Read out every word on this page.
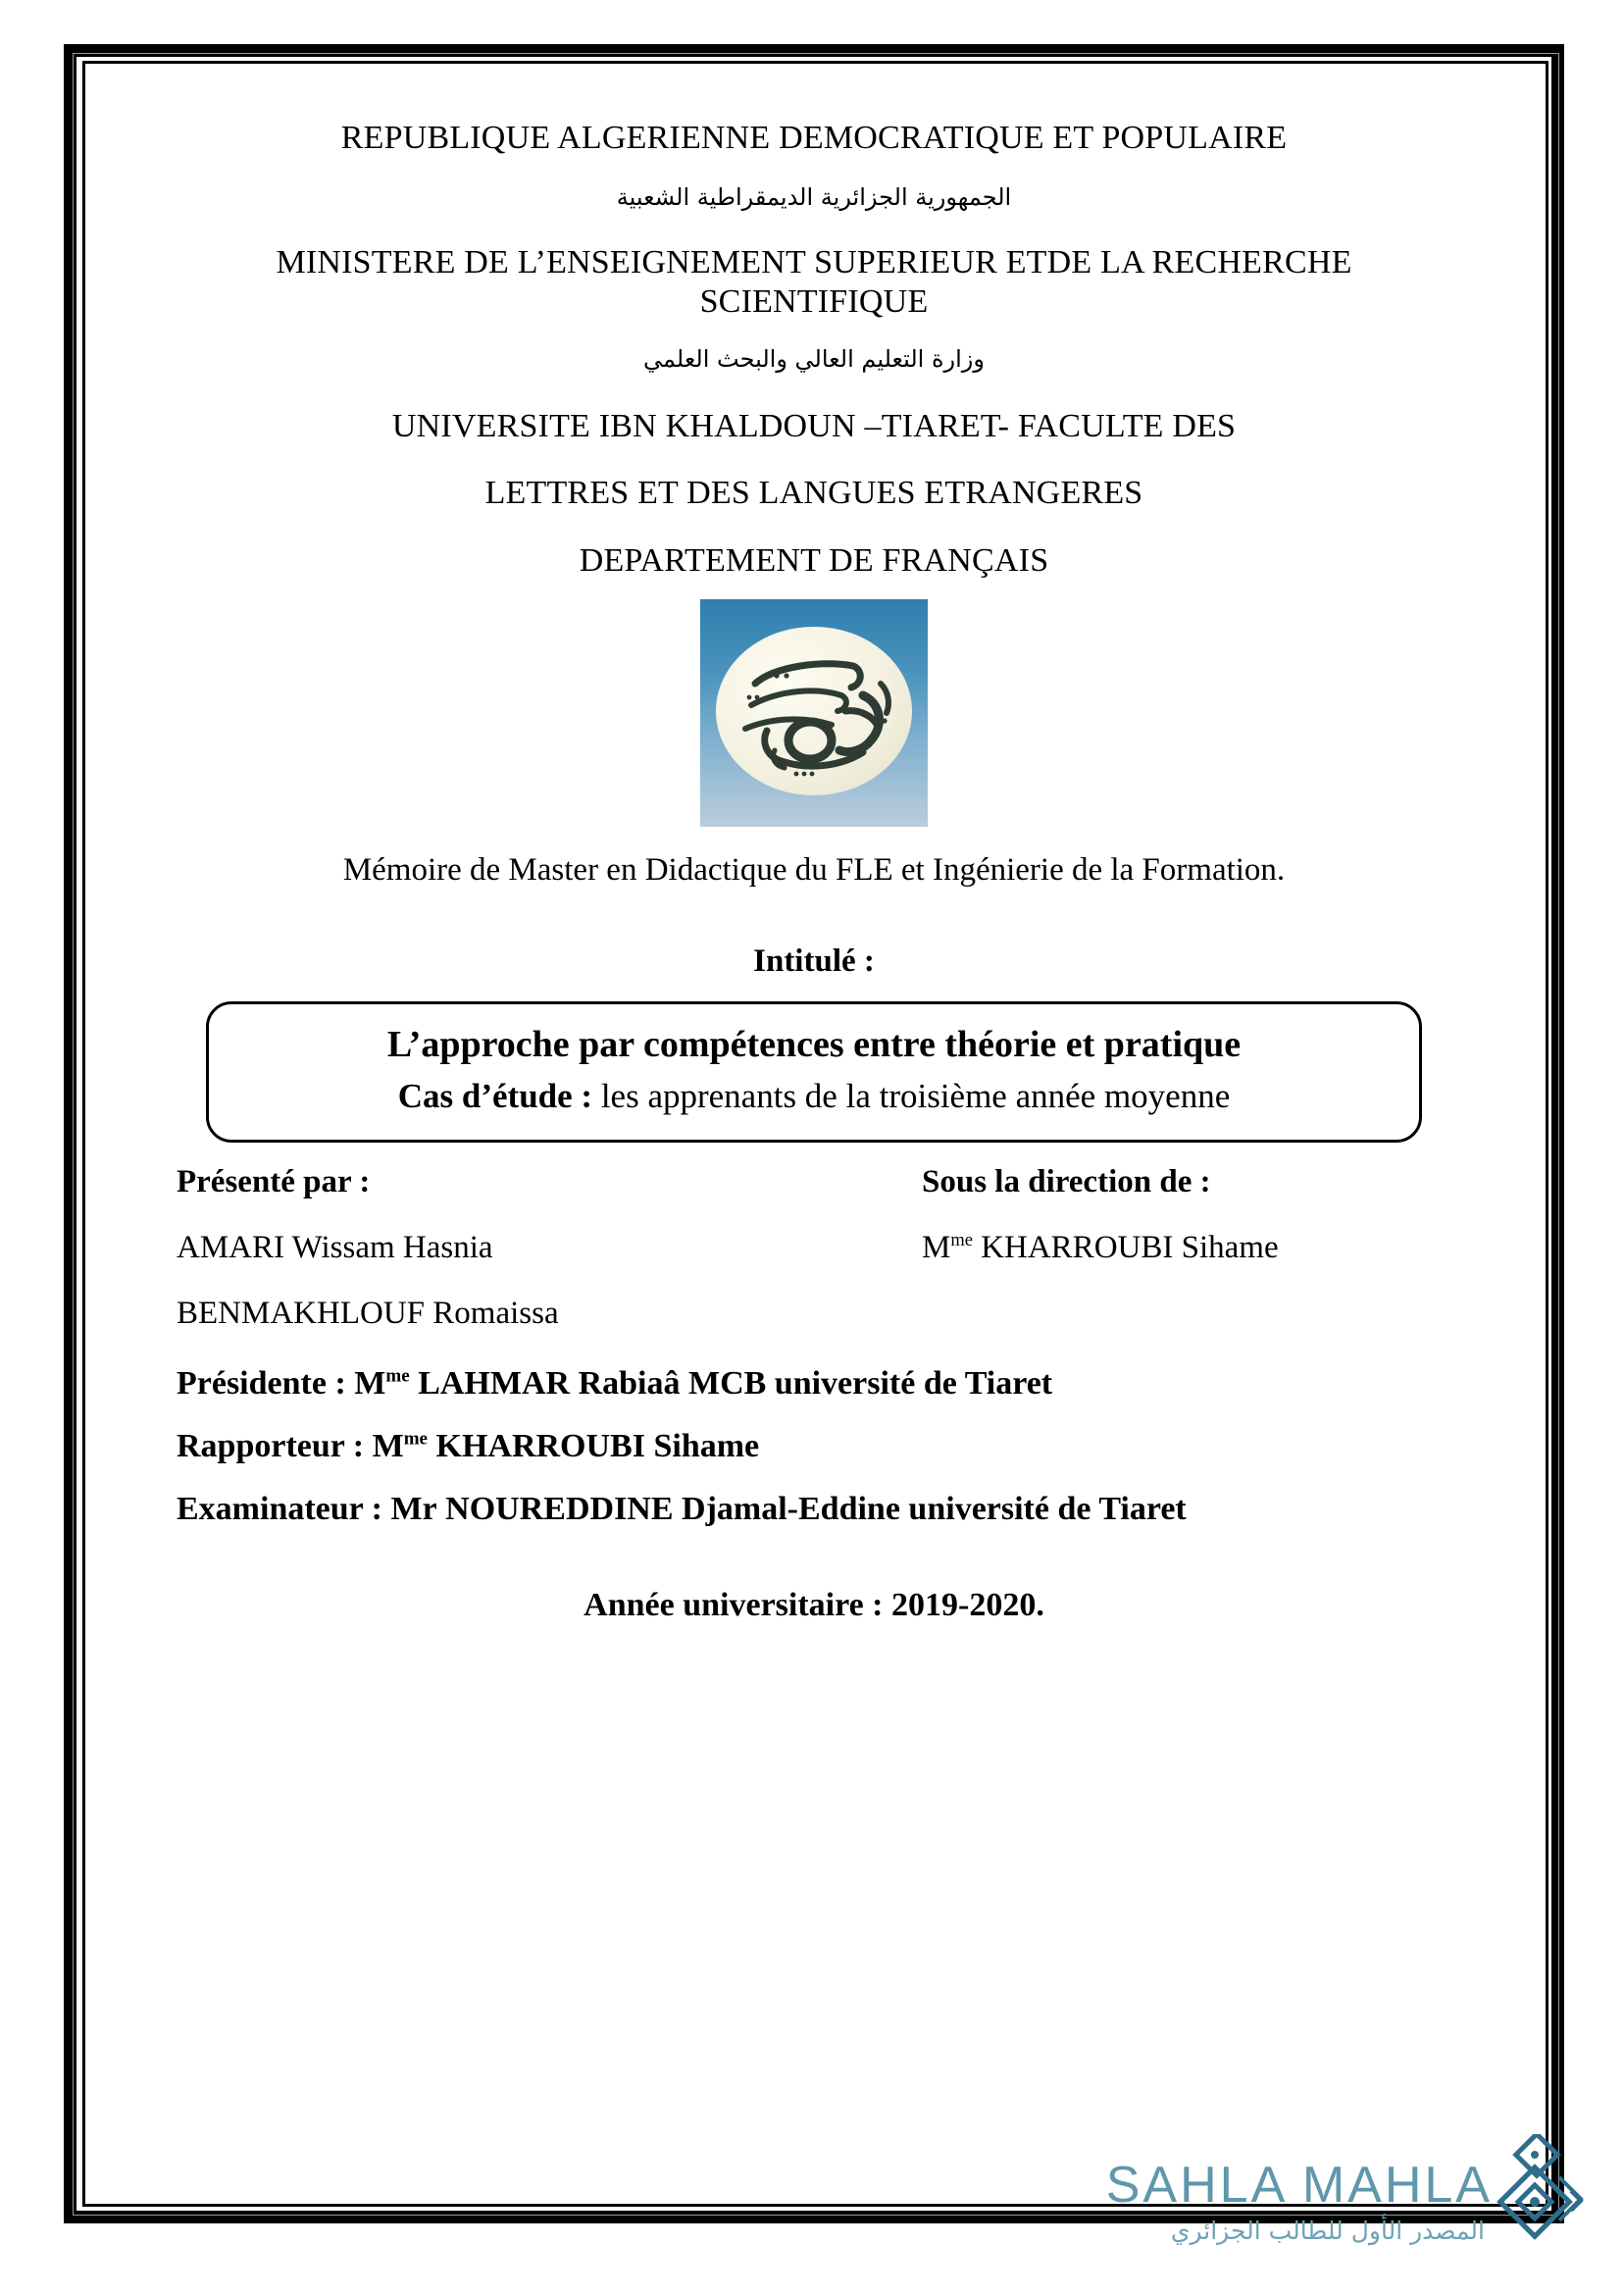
REPUBLIQUE ALGERIENNE DEMOCRATIQUE ET POPULAIRE

الجمهورية الجزائرية الديمقراطية الشعبية

MINISTERE DE L’ENSEIGNEMENT SUPERIEUR ETDE LA RECHERCHE

SCIENTIFIQUE

وزارة التعليم العالي والبحث العلمي

UNIVERSITE IBN KHALDOUN –TIARET- FACULTE DES

LETTRES ET DES LANGUES ETRANGERES

DEPARTEMENT DE FRANÇAIS

Mémoire de Master en Didactique du FLE et Ingénierie de la Formation.

Intitulé :

L’approche par compétences entre théorie et pratique

Cas d’étude : les apprenants de la troisième année moyenne

Présenté par :	Sous la direction de :
AMARI Wissam Hasnia	$M^{me}$ KHARROUBI Sihame
BENMAKHLOUF Romaissa

Présidente : $M^{me}$ LAHMAR Rabiaâ MCB université de Tiaret

Rapporteur : $M^{me}$ KHARROUBI Sihame

Examinateur : Mr NOUREDDINE Djamal-Eddine université de Tiaret

Année universitaire : 2019-2020.

SAHLA MAHLA
المصدر الأول للطالب الجزائري
